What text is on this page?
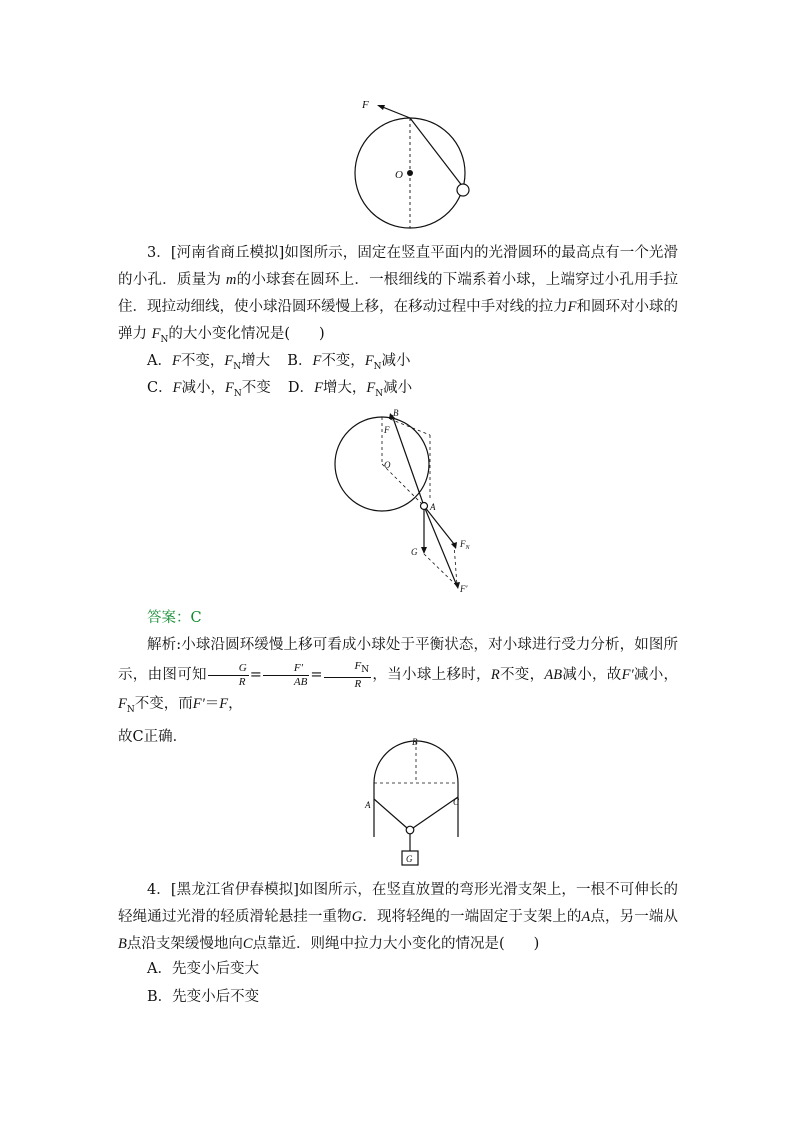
F
O
3．[河南省商丘模拟]如图所示，固定在竖直平面内的光滑圆环的最高点有一个光滑的小孔．质量为 m的小球套在圆环上．一根细线的下端系着小球，上端穿过小孔用手拉住．现拉动细线，使小球沿圆环缓慢上移，在移动过程中手对线的拉力F和圆环对小球的弹力 $F_N$的大小变化情况是(　　)
A．F不变，$F_N$增大 B．F不变，$F_N$减小
C．F减小，$F_N$不变 D．F增大，$F_N$减小
B
F
O
A
G
$F_N$
F′
答案：C
解析:小球沿圆环缓慢上移可看成小球处于平衡状态，对小球进行受力分析，如图所示，由图可知 $\frac{G}{R} = \frac{F'}{AB} = \frac{F_N}{R}$ ，当小球上移时，R不变，AB减小，故F′减小，$F_N$不变，而F′＝F，
故C正确．
G
B
A	C
4．[黑龙江省伊春模拟]如图所示，在竖直放置的弯形光滑支架上，一根不可伸长的轻绳通过光滑的轻质滑轮悬挂一重物G．现将轻绳的一端固定于支架上的A点，另一端从B点沿支架缓慢地向C点靠近．则绳中拉力大小变化的情况是(　　)
A．先变小后变大
B．先变小后不变
